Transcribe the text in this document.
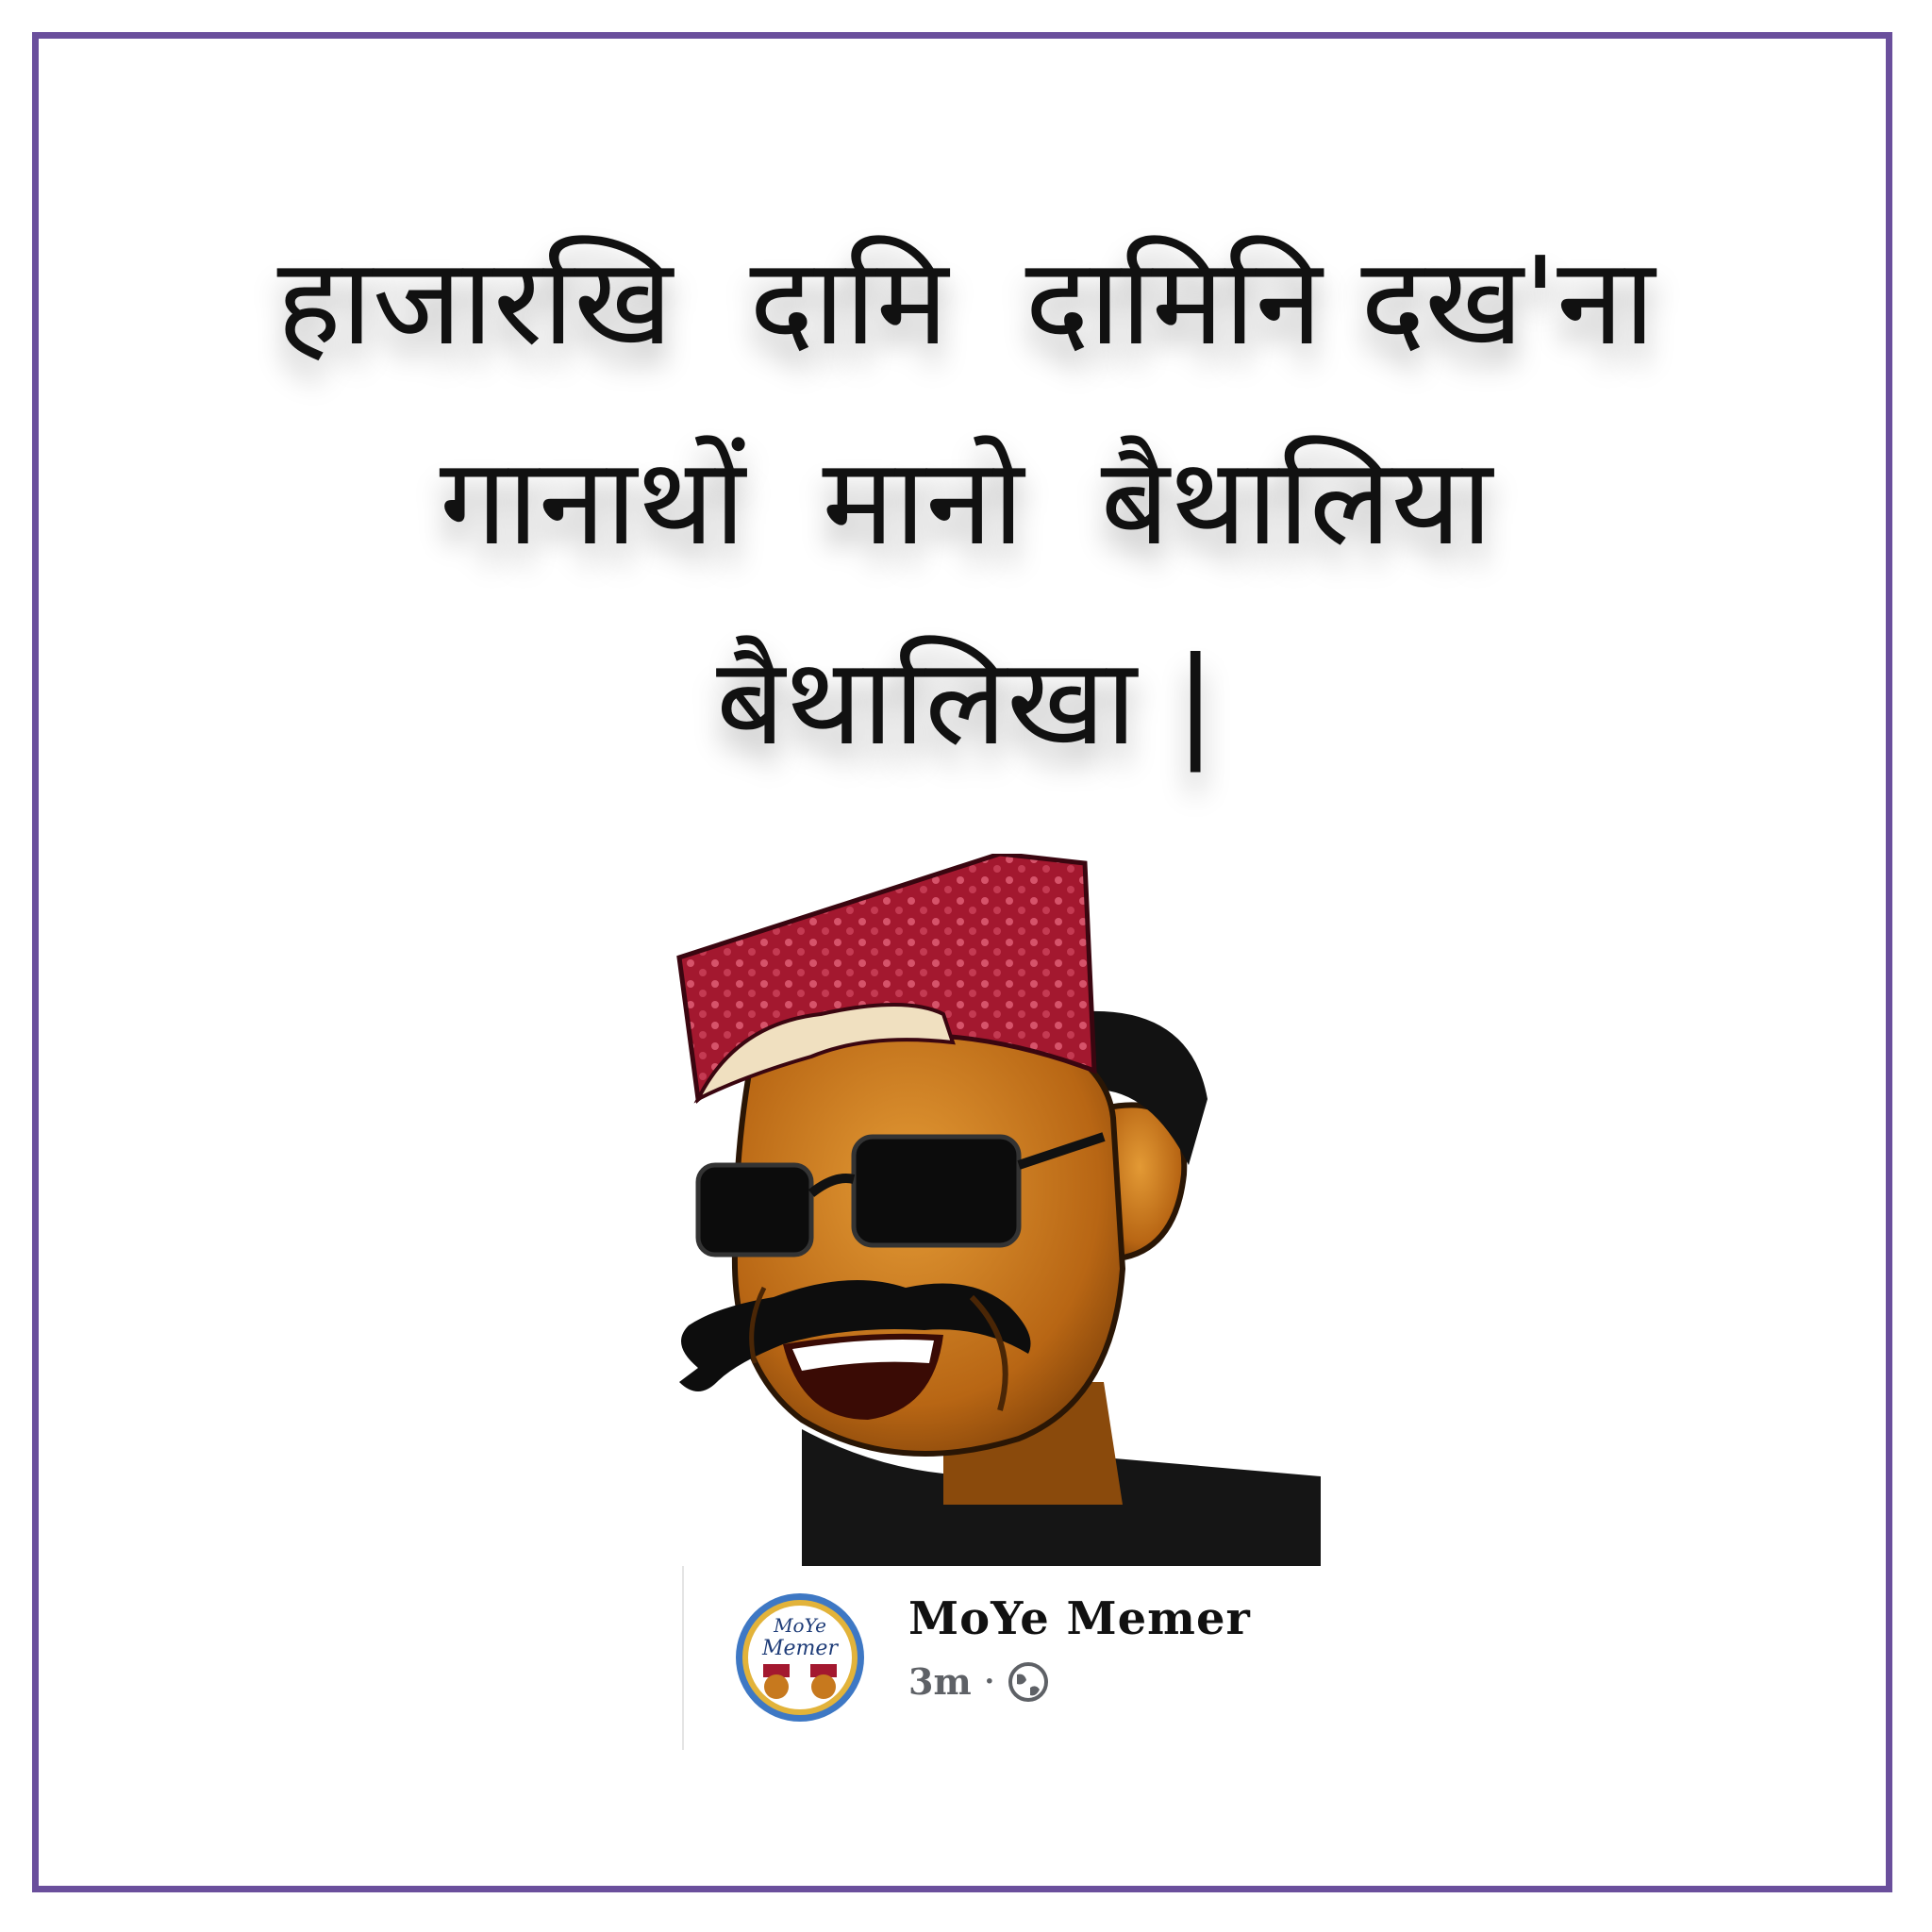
हाजारखि  दामि  दामिनि दख'ना
गानाथों  मानो  बैथालिया
बैथालिखा |
MoYe
Memer
MoYe Memer
3m ·
